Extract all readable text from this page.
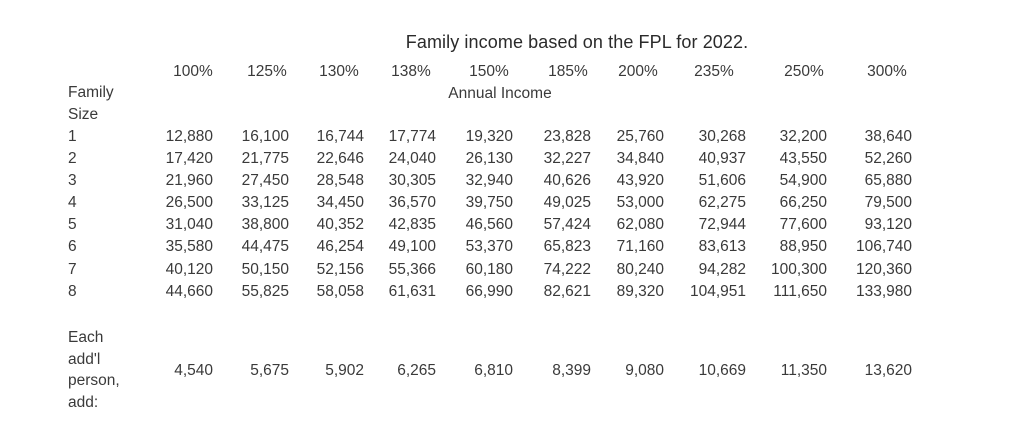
Family income based on the FPL for 2022.
100%	125%	130%	138%	150%	185%	200%	235%	250%	300%
Annual Income
Family
Size
1	12,880 16,100 16,744 17,774 19,320 23,828 25,760 30,268 32,200 38,640
2	17,420 21,775 22,646 24,040 26,130 32,227 34,840 40,937 43,550 52,260
3	21,960 27,450 28,548 30,305 32,940 40,626 43,920 51,606 54,900 65,880
4	26,500 33,125 34,450 36,570 39,750 49,025 53,000 62,275 66,250 79,500
5	31,040 38,800 40,352 42,835 46,560 57,424 62,080 72,944 77,600 93,120
6	35,580 44,475 46,254 49,100 53,370 65,823 71,160 83,613 88,950 106,740
7	40,120 50,150 52,156 55,366 60,180 74,222 80,240 94,282 100,300 120,360
8	44,660 55,825 58,058 61,631 66,990 82,621 89,320 104,951 111,650 133,980
Each
add'l
person,
add:
4,540 5,675 5,902 6,265 6,810	8,399 9,080 10,669 11,350 13,620
